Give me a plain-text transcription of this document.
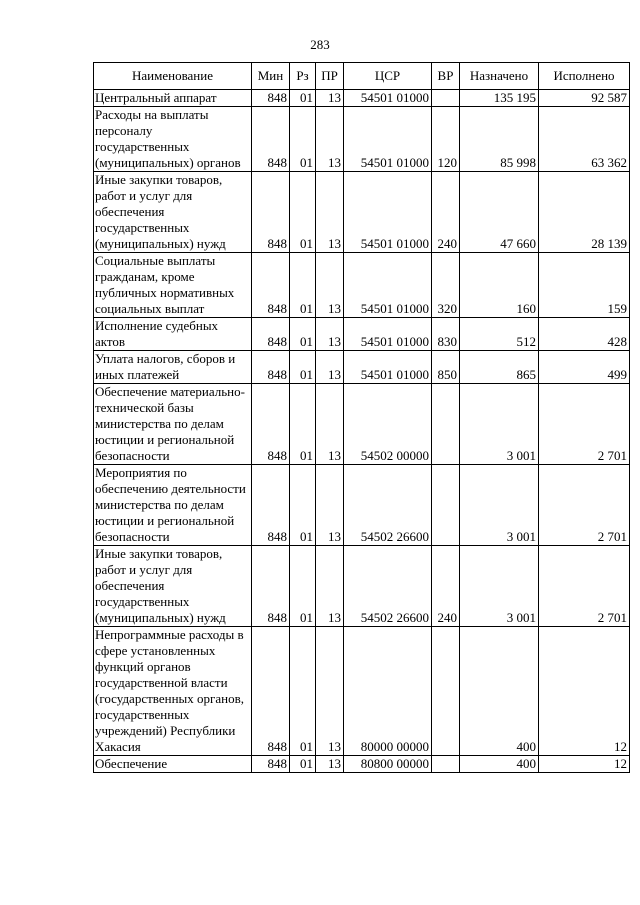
283
Наименование	Мин	Рз	ПР	ЦСР	ВР	Назначено	Исполнено
Центральный аппарат	848	01	13	54501 01000		135 195	92 587
Расходы на выплаты персоналу государственных (муниципальных) органов	848	01	13	54501 01000	120	85 998	63 362
Иные закупки товаров, работ и услуг для обеспечения государственных (муниципальных) нужд	848	01	13	54501 01000	240	47 660	28 139
Социальные выплаты гражданам, кроме публичных нормативных социальных выплат	848	01	13	54501 01000	320	160	159
Исполнение судебных актов	848	01	13	54501 01000	830	512	428
Уплата налогов, сборов и иных платежей	848	01	13	54501 01000	850	865	499
Обеспечение материально-технической базы министерства по делам юстиции и региональной безопасности	848	01	13	54502 00000		3 001	2 701
Мероприятия по обеспечению деятельности министерства по делам юстиции и региональной безопасности	848	01	13	54502 26600		3 001	2 701
Иные закупки товаров, работ и услуг для обеспечения государственных (муниципальных) нужд	848	01	13	54502 26600	240	3 001	2 701
Непрограммные расходы в сфере установленных функций органов государственной власти (государственных органов, государственных учреждений) Республики Хакасия	848	01	13	80000 00000		400	12
Обеспечение	848	01	13	80800 00000		400	12
